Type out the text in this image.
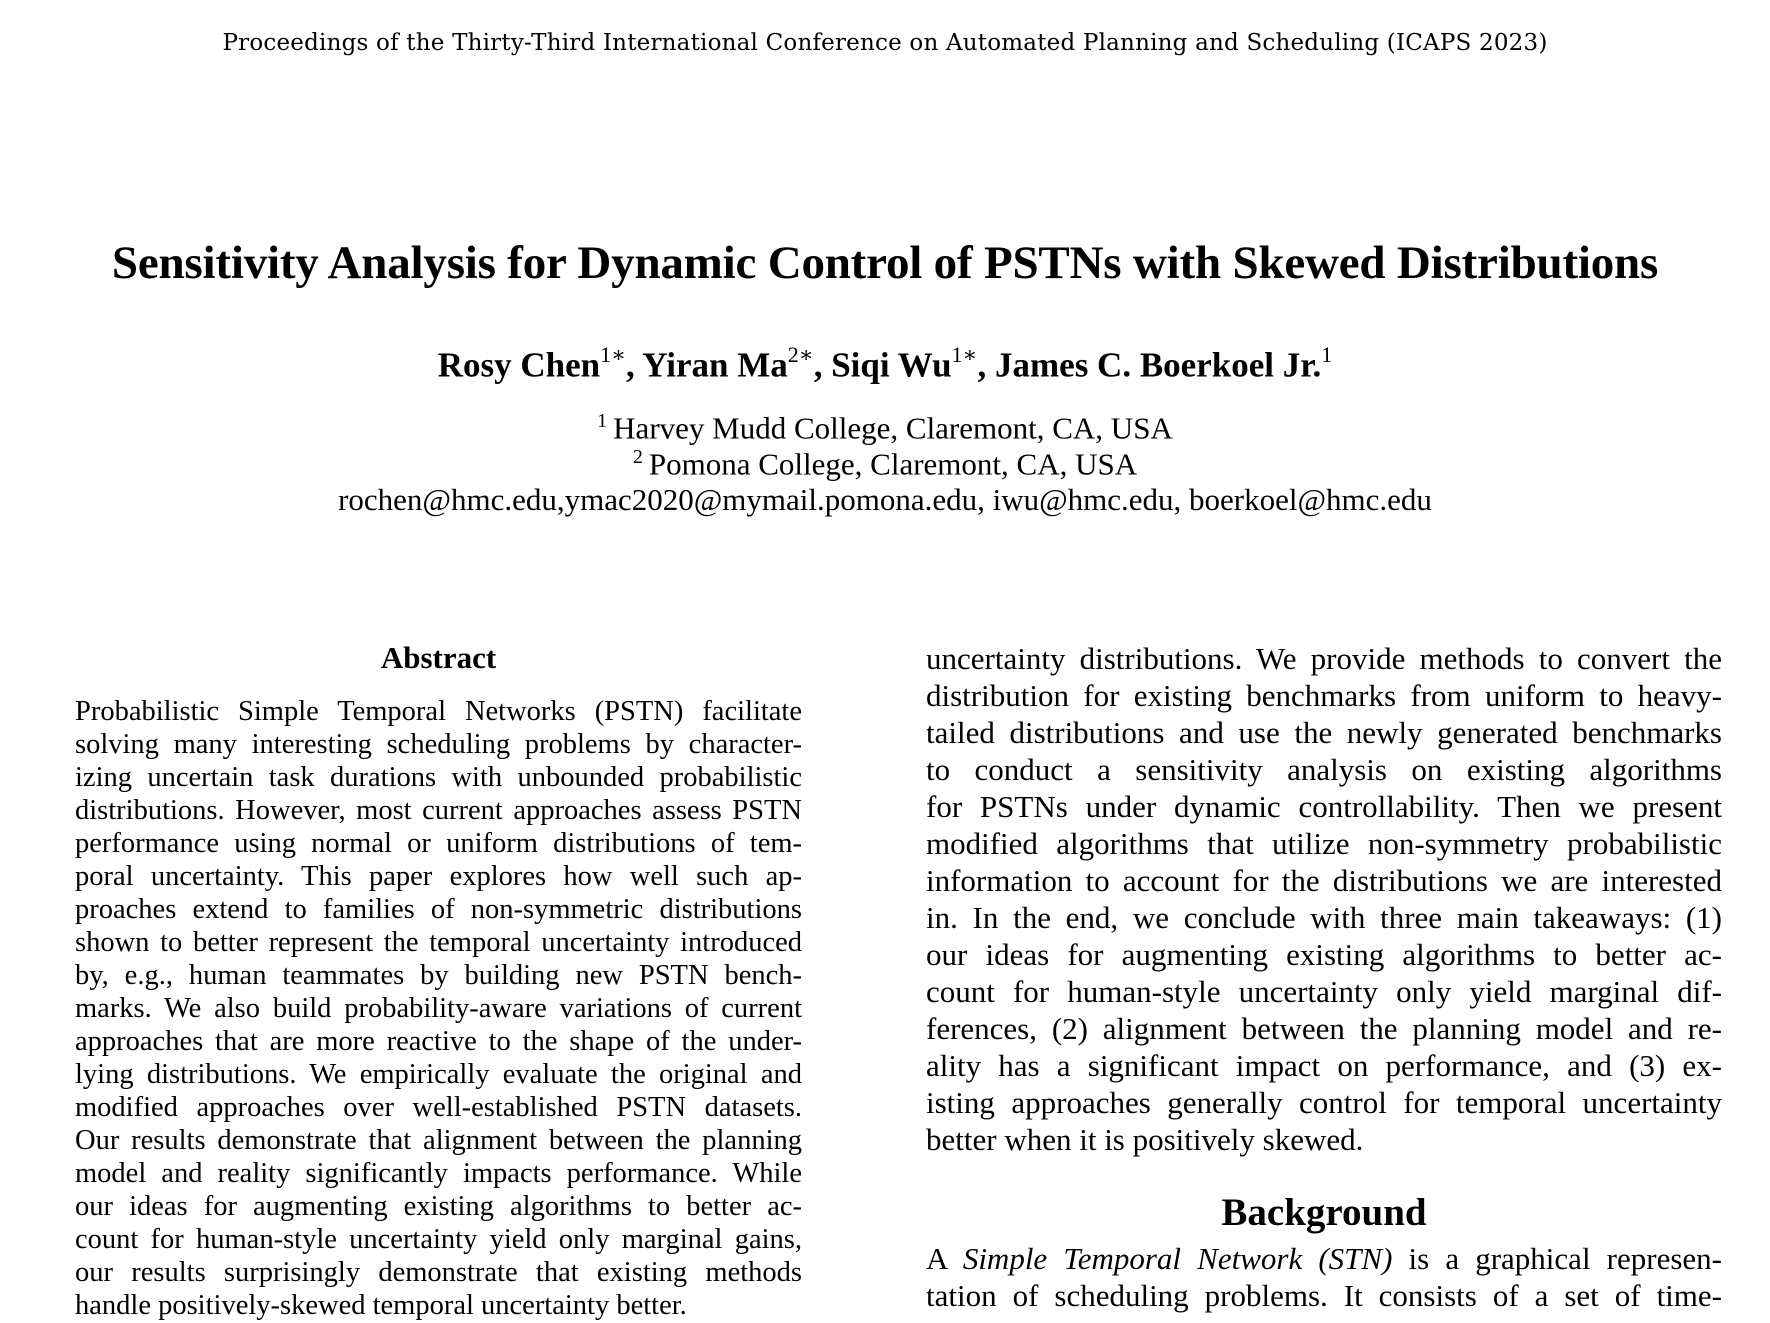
Proceedings of the Thirty-Third International Conference on Automated Planning and Scheduling (ICAPS 2023)
Sensitivity Analysis for Dynamic Control of PSTNs with Skewed Distributions
Rosy Chen$^{1∗}$, Yiran $Ma^{2∗}$, Siqi $Wu^{1∗}$, James C. Boerkoel Jr.$^1$
$^1$ Harvey Mudd College, Claremont, CA, USA
$^2$ Pomona College, Claremont, CA, USA
rochen@hmc.edu,ymac2020@mymail.pomona.edu, iwu@hmc.edu, boerkoel@hmc.edu
Abstract
Probabilistic Simple Temporal Networks (PSTN) facilitate
solving many interesting scheduling problems by character-
izing uncertain task durations with unbounded probabilistic
distributions. However, most current approaches assess PSTN
performance using normal or uniform distributions of tem-
poral uncertainty. This paper explores how well such ap-
proaches extend to families of non-symmetric distributions
shown to better represent the temporal uncertainty introduced
by, e.g., human teammates by building new PSTN bench-
marks. We also build probability-aware variations of current
approaches that are more reactive to the shape of the under-
lying distributions. We empirically evaluate the original and
modified approaches over well-established PSTN datasets.
Our results demonstrate that alignment between the planning
model and reality significantly impacts performance. While
our ideas for augmenting existing algorithms to better ac-
count for human-style uncertainty yield only marginal gains,
our results surprisingly demonstrate that existing methods
handle positively-skewed temporal uncertainty better.
uncertainty distributions. We provide methods to convert the
distribution for existing benchmarks from uniform to heavy-
tailed distributions and use the newly generated benchmarks
to conduct a sensitivity analysis on existing algorithms
for PSTNs under dynamic controllability. Then we present
modified algorithms that utilize non-symmetry probabilistic
information to account for the distributions we are interested
in. In the end, we conclude with three main takeaways: (1)
our ideas for augmenting existing algorithms to better ac-
count for human-style uncertainty only yield marginal dif-
ferences, (2) alignment between the planning model and re-
ality has a significant impact on performance, and (3) ex-
isting approaches generally control for temporal uncertainty
better when it is positively skewed.
Background
A Simple Temporal Network (STN) is a graphical represen-
tation of scheduling problems. It consists of a set of time-
